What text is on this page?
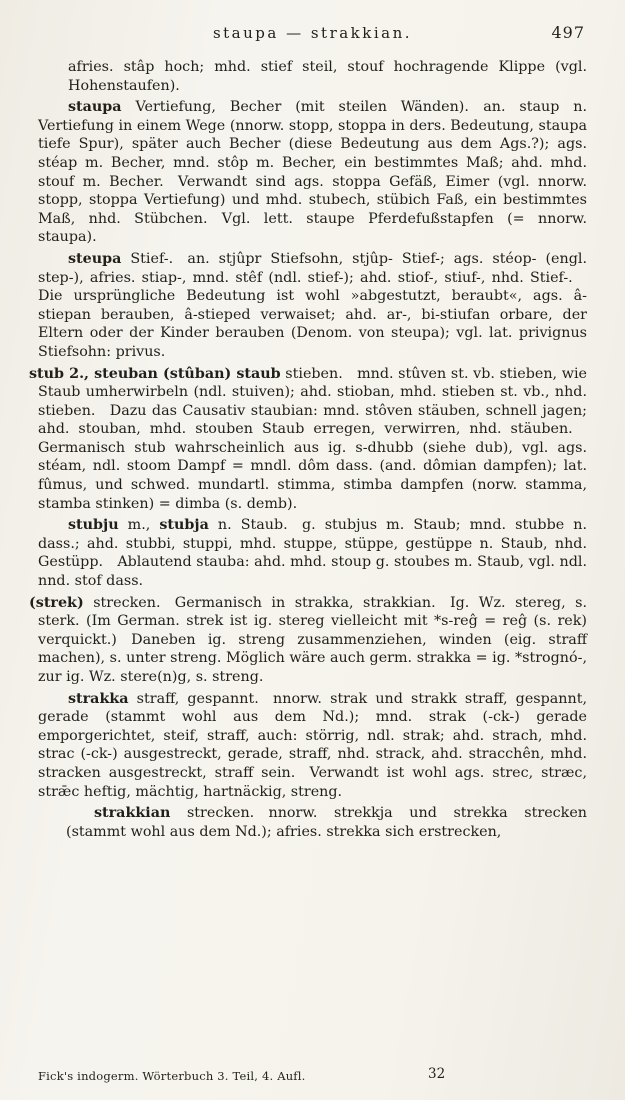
staupa — strakkian.	497

afries. stâp hoch; mhd. stief steil, stouf hochragende Klippe (vgl. Hohenstaufen).

staupa Vertiefung, Becher (mit steilen Wänden). an. staup n. Vertiefung in einem Wege (nnorw. stopp, stoppa in ders. Bedeutung, staupa tiefe Spur), später auch Becher (diese Bedeutung aus dem Ags.?); ags. stéap m. Becher, mnd. stôp m. Becher, ein bestimmtes Maß; ahd. mhd. stouf m. Becher. Verwandt sind ags. stoppa Gefäß, Eimer (vgl. nnorw. stopp, stoppa Vertiefung) und mhd. stubech, stübich Faß, ein bestimmtes Maß, nhd. Stübchen. Vgl. lett. staupe Pferdefußstapfen (= nnorw. staupa).

steupa Stief-. an. stjûpr Stiefsohn, stjûp- Stief-; ags. stéop- (engl. step-), afries. stiap-, mnd. stêf (ndl. stief-); ahd. stiof-, stiuf-, nhd. Stief-. Die ursprüngliche Bedeutung ist wohl »abgestutzt, beraubt«, ags. â-stiepan berauben, â-stieped verwaiset; ahd. ar-, bi-stiufan orbare, der Eltern oder der Kinder berauben (Denom. von steupa); vgl. lat. privignus Stiefsohn: privus.

stub 2., steuban (stûban) staub stieben. mnd. stûven st. vb. stieben, wie Staub umherwirbeln (ndl. stuiven); ahd. stioban, mhd. stieben st. vb., nhd. stieben. Dazu das Causativ staubian: mnd. stôven stäuben, schnell jagen; ahd. stouban, mhd. stouben Staub erregen, verwirren, nhd. stäuben. Germanisch stub wahrscheinlich aus ig. s-dhubb (siehe dub), vgl. ags. stéam, ndl. stoom Dampf = mndl. dôm dass. (and. dômian dampfen); lat. fûmus, und schwed. mundartl. stimma, stimba dampfen (norw. stamma, stamba stinken) = dimba (s. demb).

stubju m., stubja n. Staub. g. stubjus m. Staub; mnd. stubbe n. dass.; ahd. stubbi, stuppi, mhd. stuppe, stüppe, gestüppe n. Staub, nhd. Gestüpp. Ablautend stauba: ahd. mhd. stoup g. stoubes m. Staub, vgl. ndl. nnd. stof dass.

(strek) strecken. Germanisch in strakka, strakkian. Ig. Wz. stereg, s. sterk. (Im German. strek ist ig. stereg vielleicht mit *s-reĝ = reĝ (s. rek) verquickt.) Daneben ig. streng zusammenziehen, winden (eig. straff machen), s. unter streng. Möglich wäre auch germ. strakka = ig. *strognó-, zur ig. Wz. stere(n)g, s. streng.

strakka straff, gespannt. nnorw. strak und strakk straff, gespannt, gerade (stammt wohl aus dem Nd.); mnd. strak (-ck-) gerade emporgerichtet, steif, straff, auch: störrig, ndl. strak; ahd. strach, mhd. strac (-ck-) ausgestreckt, gerade, straff, nhd. strack, ahd. stracchên, mhd. stracken ausgestreckt, straff sein. Verwandt ist wohl ags. strec, stræc, strǣc heftig, mächtig, hartnäckig, streng.

strakkian strecken. nnorw. strekkja und strekka strecken (stammt wohl aus dem Nd.); afries. strekka sich erstrecken,

Fick's indogerm. Wörterbuch 3. Teil, 4. Aufl.	32
